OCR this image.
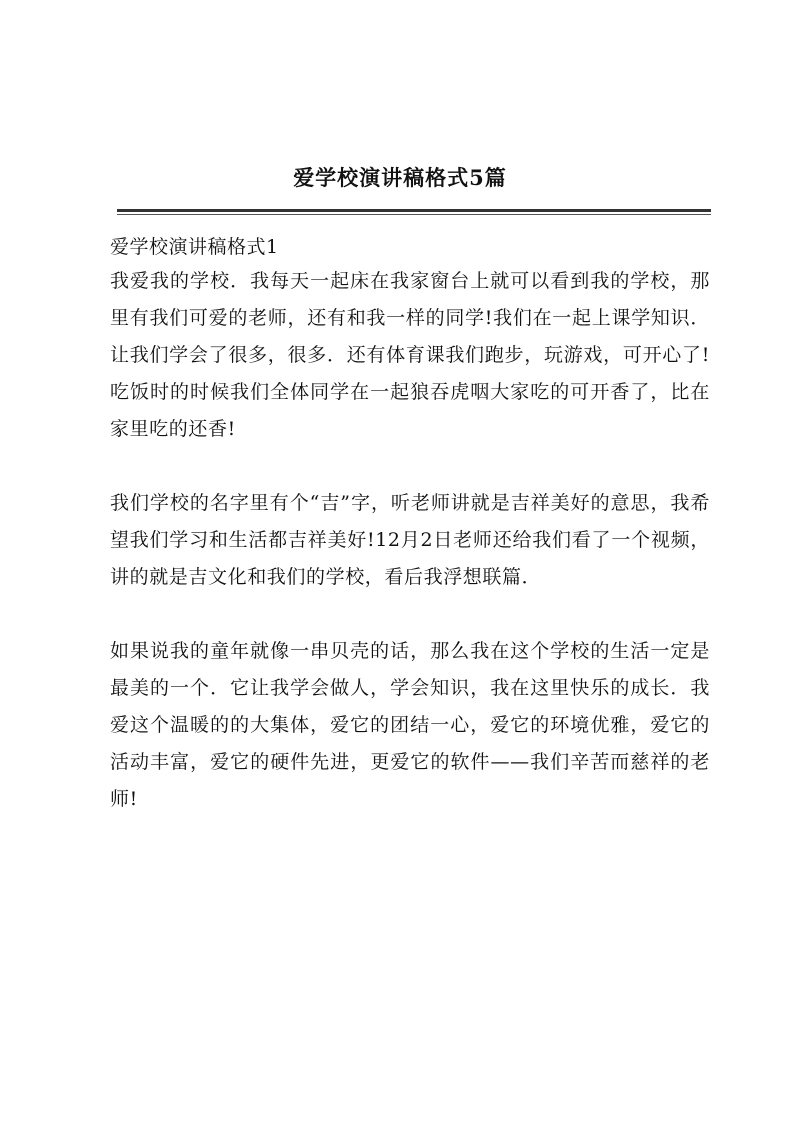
爱学校演讲稿格式5篇

爱学校演讲稿格式1

我爱我的学校．我每天一起床在我家窗台上就可以看到我的学校，那里有我们可爱的老师，还有和我一样的同学!我们在一起上课学知识．让我们学会了很多，很多．还有体育课我们跑步，玩游戏，可开心了!吃饭时的时候我们全体同学在一起狼吞虎咽大家吃的可开香了，比在家里吃的还香!

我们学校的名字里有个“吉”字，听老师讲就是吉祥美好的意思，我希望我们学习和生活都吉祥美好!12月2日老师还给我们看了一个视频，讲的就是吉文化和我们的学校，看后我浮想联篇．

如果说我的童年就像一串贝壳的话，那么我在这个学校的生活一定是最美的一个．它让我学会做人，学会知识，我在这里快乐的成长．我爱这个温暖的的大集体，爱它的团结一心，爱它的环境优雅，爱它的活动丰富，爱它的硬件先进，更爱它的软件——我们辛苦而慈祥的老师!
